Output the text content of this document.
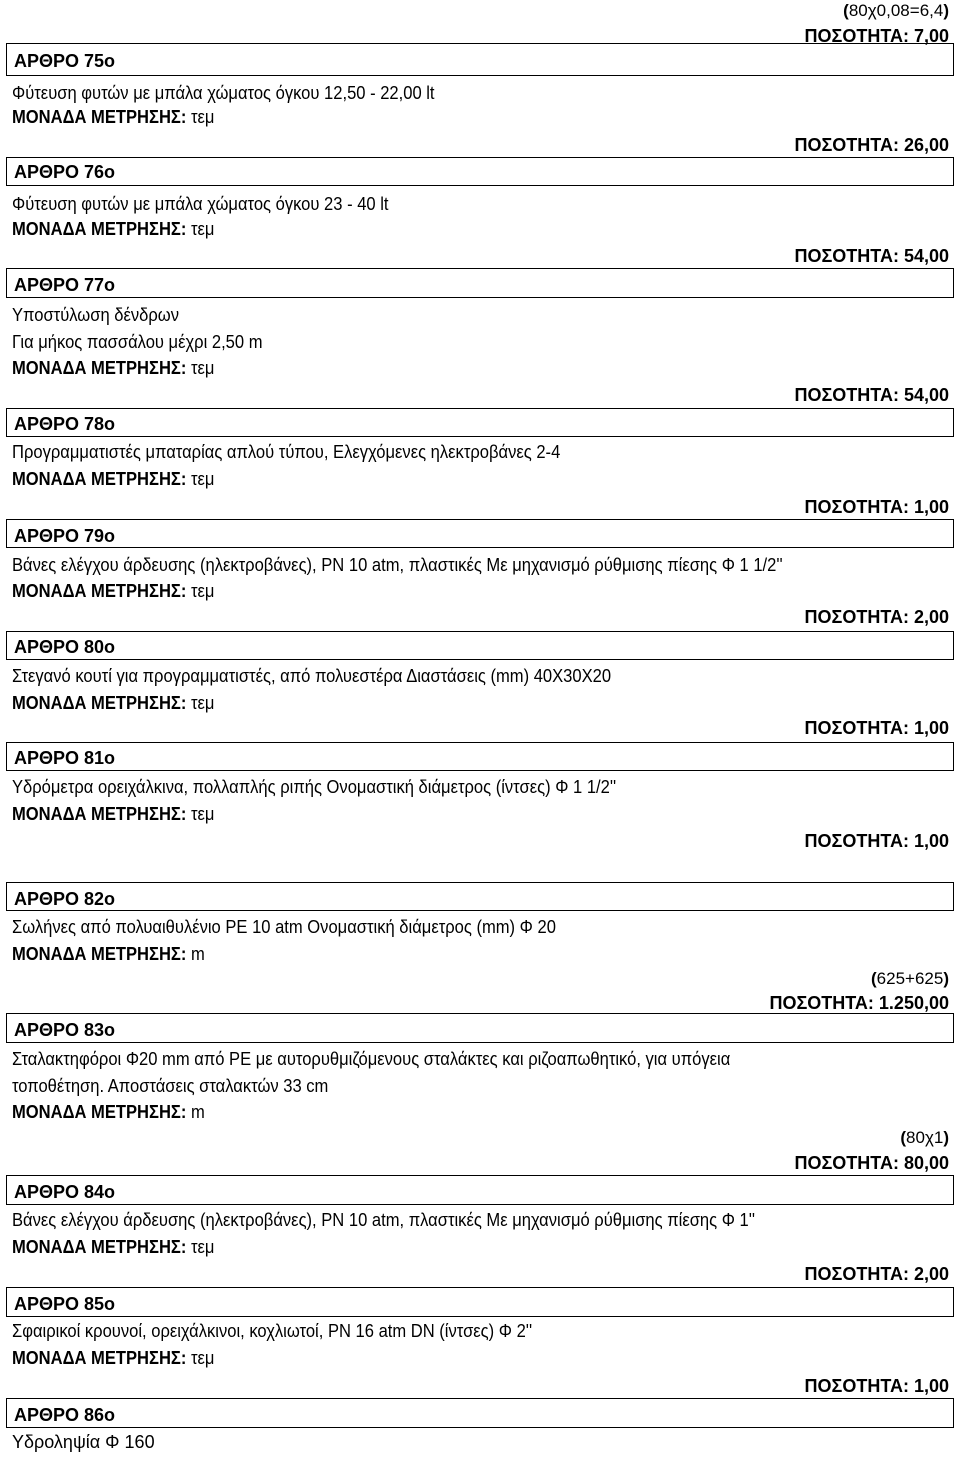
(80χ0,08=6,4)
ΠΟΣΟΤΗΤΑ: 7,00
ΑΡΘΡΟ 75ο
Φύτευση φυτών με μπάλα χώματος όγκου 12,50 - 22,00 lt
ΜΟΝΑΔΑ ΜΕΤΡΗΣΗΣ: τεμ
ΠΟΣΟΤΗΤΑ: 26,00
ΑΡΘΡΟ 76ο
Φύτευση φυτών με μπάλα χώματος όγκου 23 - 40 lt
ΜΟΝΑΔΑ ΜΕΤΡΗΣΗΣ: τεμ
ΠΟΣΟΤΗΤΑ: 54,00
ΑΡΘΡΟ 77ο
Υποστύλωση δένδρων
Για μήκος πασσάλου μέχρι 2,50 m
ΜΟΝΑΔΑ ΜΕΤΡΗΣΗΣ: τεμ
ΠΟΣΟΤΗΤΑ: 54,00
ΑΡΘΡΟ 78ο
Προγραμματιστές μπαταρίας απλού τύπου, Ελεγχόμενες ηλεκτροβάνες 2-4
ΜΟΝΑΔΑ ΜΕΤΡΗΣΗΣ: τεμ
ΠΟΣΟΤΗΤΑ: 1,00
ΑΡΘΡΟ 79ο
Βάνες ελέγχου άρδευσης (ηλεκτροβάνες), PN 10 atm, πλαστικές Με μηχανισμό ρύθμισης πίεσης Φ 1 1/2''
ΜΟΝΑΔΑ ΜΕΤΡΗΣΗΣ: τεμ
ΠΟΣΟΤΗΤΑ: 2,00
ΑΡΘΡΟ 80ο
Στεγανό κουτί για προγραμματιστές, από πολυεστέρα Διαστάσεις (mm) 40Χ30Χ20
ΜΟΝΑΔΑ ΜΕΤΡΗΣΗΣ: τεμ
ΠΟΣΟΤΗΤΑ: 1,00
ΑΡΘΡΟ 81ο
Υδρόμετρα ορειχάλκινα, πολλαπλής ριπής Ονομαστική διάμετρος (ίντσες) Φ 1 1/2''
ΜΟΝΑΔΑ ΜΕΤΡΗΣΗΣ: τεμ
ΠΟΣΟΤΗΤΑ: 1,00
ΑΡΘΡΟ 82ο
Σωλήνες από πολυαιθυλένιο PE 10 atm Ονομαστική διάμετρος (mm) Φ 20
ΜΟΝΑΔΑ ΜΕΤΡΗΣΗΣ: m
(625+625)
ΠΟΣΟΤΗΤΑ: 1.250,00
ΑΡΘΡΟ 83ο
Σταλακτηφόροι Φ20 mm από PE με αυτορυθμιζόμενους σταλάκτες και ριζοαπωθητικό, για υπόγεια
τοποθέτηση. Αποστάσεις σταλακτών 33 cm
ΜΟΝΑΔΑ ΜΕΤΡΗΣΗΣ: m
(80χ1)
ΠΟΣΟΤΗΤΑ: 80,00
ΑΡΘΡΟ 84ο
Βάνες ελέγχου άρδευσης (ηλεκτροβάνες), PN 10 atm, πλαστικές Με μηχανισμό ρύθμισης πίεσης Φ 1''
ΜΟΝΑΔΑ ΜΕΤΡΗΣΗΣ: τεμ
ΠΟΣΟΤΗΤΑ: 2,00
ΑΡΘΡΟ 85ο
Σφαιρικοί κρουνοί, ορειχάλκινοι, κοχλιωτοί, PN 16 atm DN (ίντσες) Φ 2''
ΜΟΝΑΔΑ ΜΕΤΡΗΣΗΣ: τεμ
ΠΟΣΟΤΗΤΑ: 1,00
ΑΡΘΡΟ 86ο
Υδροληψία Φ 160
